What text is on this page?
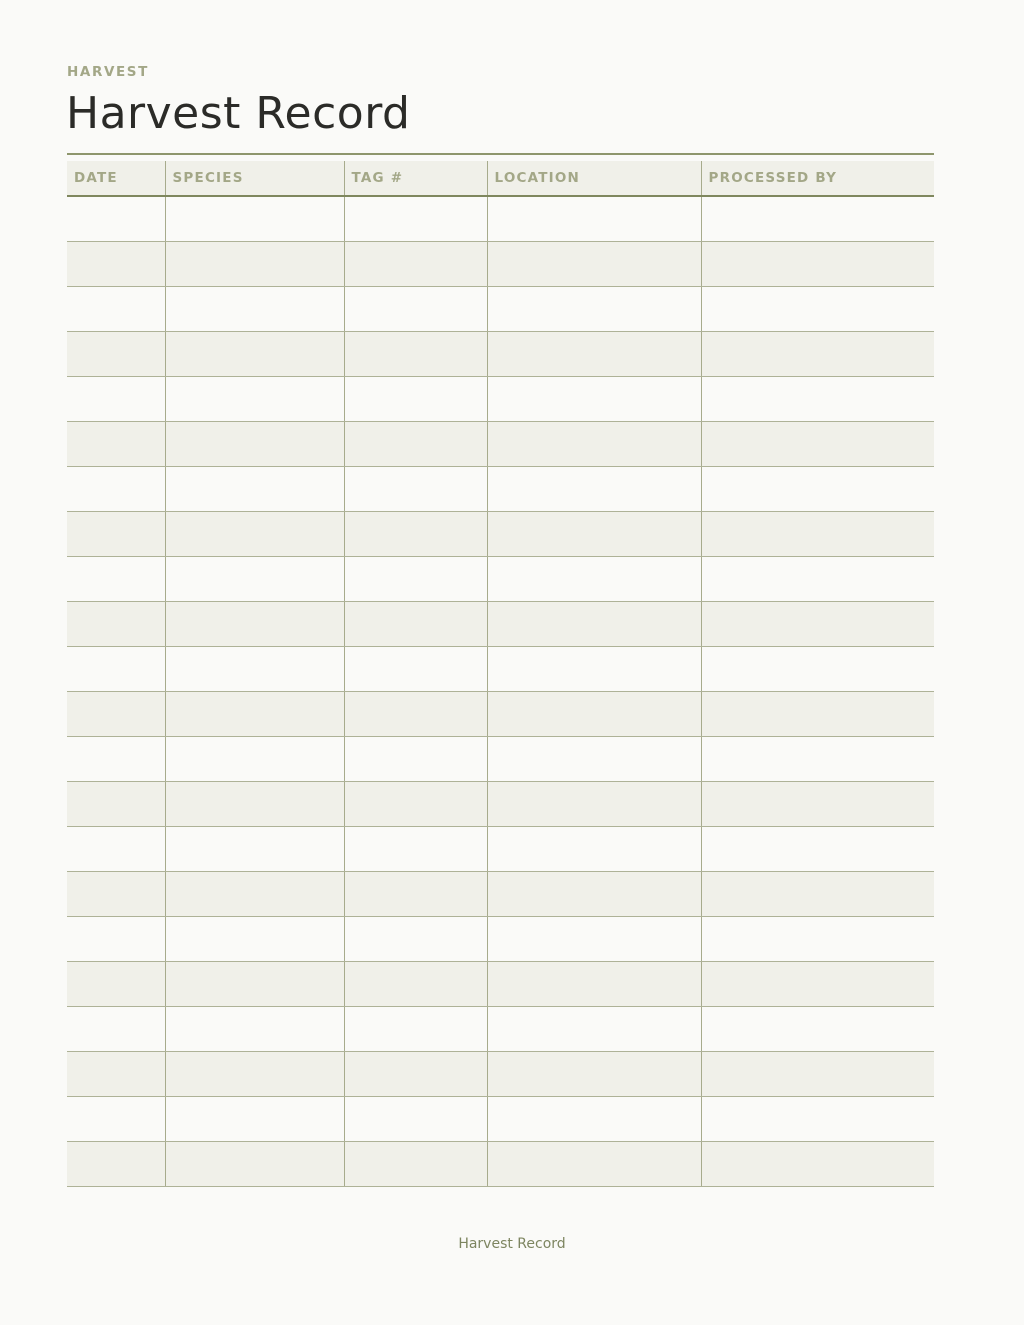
HARVEST
Harvest Record
DATE	SPECIES	TAG #	LOCATION	PROCESSED BY

Harvest Record
